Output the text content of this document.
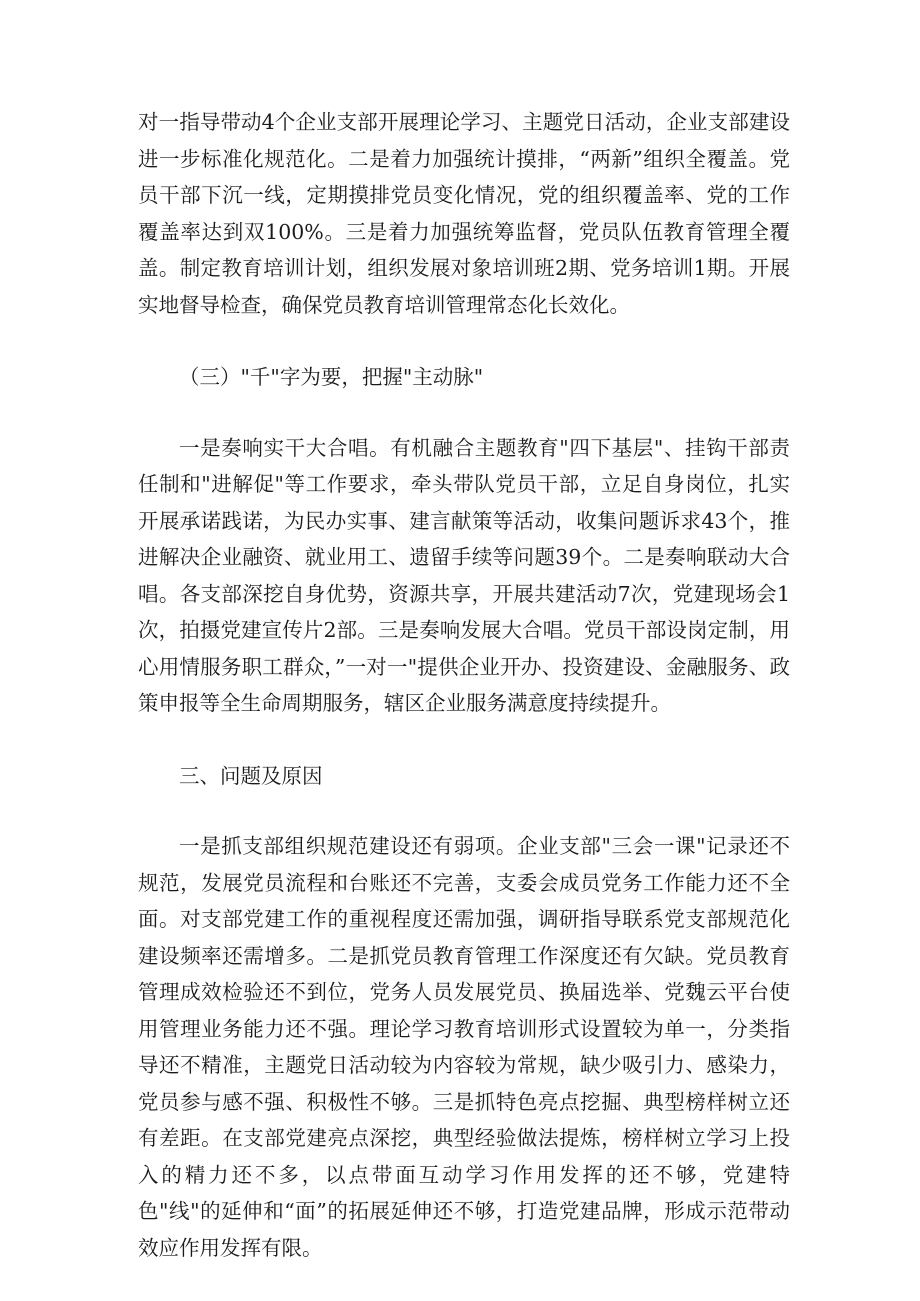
对一指导带动4个企业支部开展理论学习、主题党日活动，企业支部建设进一步标准化规范化。二是着力加强统计摸排，“两新”组织全覆盖。党员干部下沉一线，定期摸排党员变化情况，党的组织覆盖率、党的工作覆盖率达到双100%。三是着力加强统筹监督，党员队伍教育管理全覆盖。制定教育培训计划，组织发展对象培训班2期、党务培训1期。开展实地督导检查，确保党员教育培训管理常态化长效化。

（三）"千"字为要，把握"主动脉"

一是奏响实干大合唱。有机融合主题教育"四下基层"、挂钩干部责任制和"进解促"等工作要求，牵头带队党员干部，立足自身岗位，扎实开展承诺践诺，为民办实事、建言献策等活动，收集问题诉求43个，推进解决企业融资、就业用工、遗留手续等问题39个。二是奏响联动大合唱。各支部深挖自身优势，资源共享，开展共建活动7次，党建现场会1次，拍摄党建宣传片2部。三是奏响发展大合唱。党员干部设岗定制，用心用情服务职工群众，”一对一"提供企业开办、投资建设、金融服务、政策申报等全生命周期服务，辖区企业服务满意度持续提升。

三、问题及原因

一是抓支部组织规范建设还有弱项。企业支部"三会一课"记录还不规范，发展党员流程和台账还不完善，支委会成员党务工作能力还不全面。对支部党建工作的重视程度还需加强，调研指导联系党支部规范化建设频率还需增多。二是抓党员教育管理工作深度还有欠缺。党员教育管理成效检验还不到位，党务人员发展党员、换届选举、党魏云平台使用管理业务能力还不强。理论学习教育培训形式设置较为单一，分类指导还不精准，主题党日活动较为内容较为常规，缺少吸引力、感染力，党员参与感不强、积极性不够。三是抓特色亮点挖掘、典型榜样树立还有差距。在支部党建亮点深挖，典型经验做法提炼，榜样树立学习上投入的精力还不多，以点带面互动学习作用发挥的还不够，党建特色"线"的延伸和“面”的拓展延伸还不够，打造党建品牌，形成示范带动效应作用发挥有限。
